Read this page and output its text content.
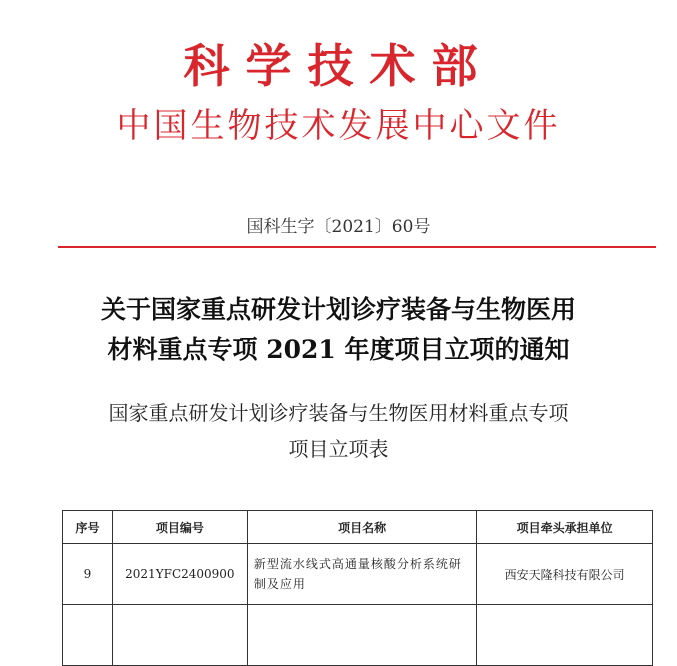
科学技术部
中国生物技术发展中心文件
国科生字〔2021〕60号
关于国家重点研发计划诊疗装备与生物医用
材料重点专项 2021 年度项目立项的通知
国家重点研发计划诊疗装备与生物医用材料重点专项
项目立项表
序号	项目编号	项目名称	项目牵头承担单位
9	2021YFC2400900	新型流水线式高通量核酸分析系统研制及应用	西安天隆科技有限公司
